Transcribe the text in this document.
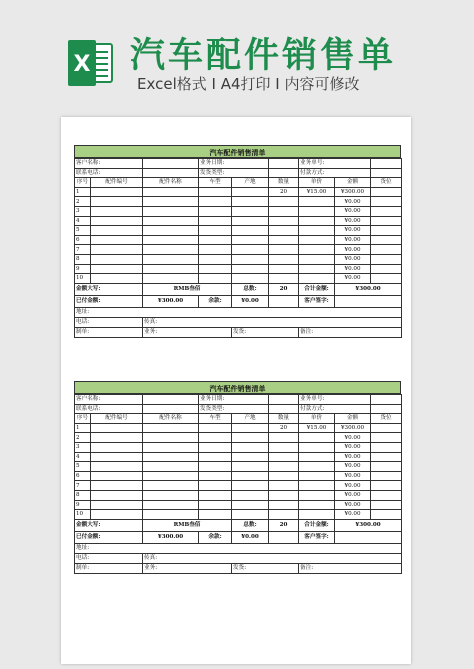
X 汽车配件销售单
Excel格式 I A4打印 I 内容可修改
汽车配件销售清单
客户名称:			业务日期:			业务单号:		
联系电话:			发货类型:			付款方式:		
序号	配件编号	配件名称	车型	产地	数量	单价	金额	货位
1					20	¥15.00	¥300.00	
2							¥0.00	
3							¥0.00	
4							¥0.00	
5							¥0.00	
6							¥0.00	
7							¥0.00	
8							¥0.00	
9							¥0.00	
10							¥0.00	
金额大写:		RMB叁佰		总数:	20	合计金额:	¥300.00	
已付金额:		¥300.00	余款:	¥0.00		客户签字:		
地址:								
电话:		传真:						
制单:		业务:		发货:		备注:		
汽车配件销售清单
客户名称:			业务日期:			业务单号:		
联系电话:			发货类型:			付款方式:		
序号	配件编号	配件名称	车型	产地	数量	单价	金额	货位
1					20	¥15.00	¥300.00	
2							¥0.00	
3							¥0.00	
4							¥0.00	
5							¥0.00	
6							¥0.00	
7							¥0.00	
8							¥0.00	
9							¥0.00	
10							¥0.00	
金额大写:		RMB叁佰		总数:	20	合计金额:	¥300.00	
已付金额:		¥300.00	余款:	¥0.00		客户签字:		
地址:								
电话:		传真:						
制单:		业务:		发货:		备注:		
